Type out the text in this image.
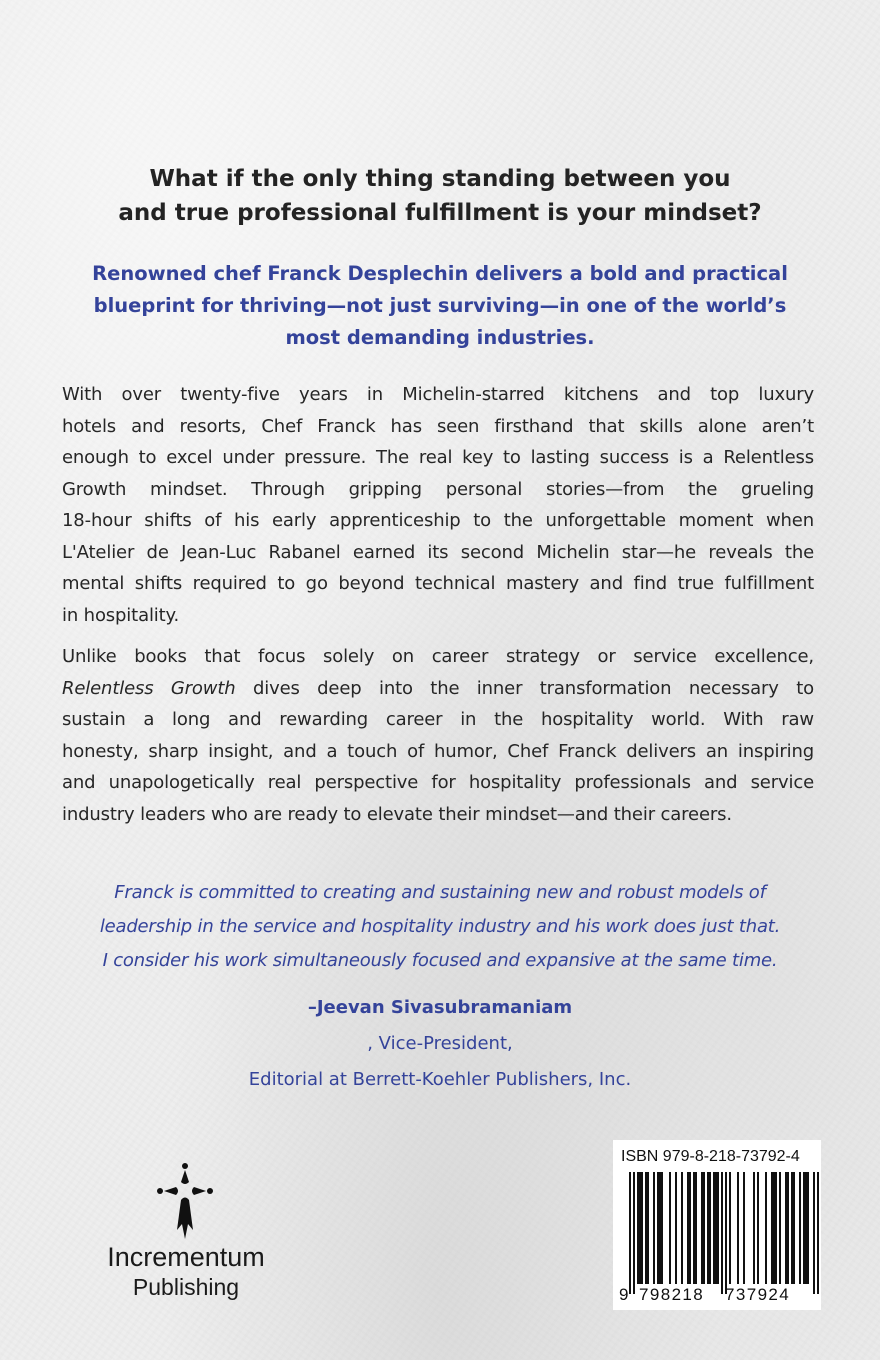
What if the only thing standing between you
and true professional fulfillment is your mindset?
Renowned chef Franck Desplechin delivers a bold and practical
blueprint for thriving—not just surviving—in one of the world’s
most demanding industries.
With over twenty-five years in Michelin-starred kitchens and top luxury
hotels and resorts, Chef Franck has seen firsthand that skills alone aren’t
enough to excel under pressure. The real key to lasting success is a Relentless
Growth mindset. Through gripping personal stories—from the grueling
18-hour shifts of his early apprenticeship to the unforgettable moment when
L'Atelier de Jean-Luc Rabanel earned its second Michelin star—he reveals the
mental shifts required to go beyond technical mastery and find true fulfillment
in hospitality.
Unlike books that focus solely on career strategy or service excellence,
Relentless Growth dives deep into the inner transformation necessary to
sustain a long and rewarding career in the hospitality world. With raw
honesty, sharp insight, and a touch of humor, Chef Franck delivers an inspiring
and unapologetically real perspective for hospitality professionals and service
industry leaders who are ready to elevate their mindset—and their careers.
Franck is committed to creating and sustaining new and robust models of
leadership in the service and hospitality industry and his work does just that.
I consider his work simultaneously focused and expansive at the same time.
–Jeevan Sivasubramaniam
, Vice-President,
Editorial at Berrett-Koehler Publishers, Inc.
Incrementum
Publishing
ISBN 979-8-218-73792-4
9 798218 737924
